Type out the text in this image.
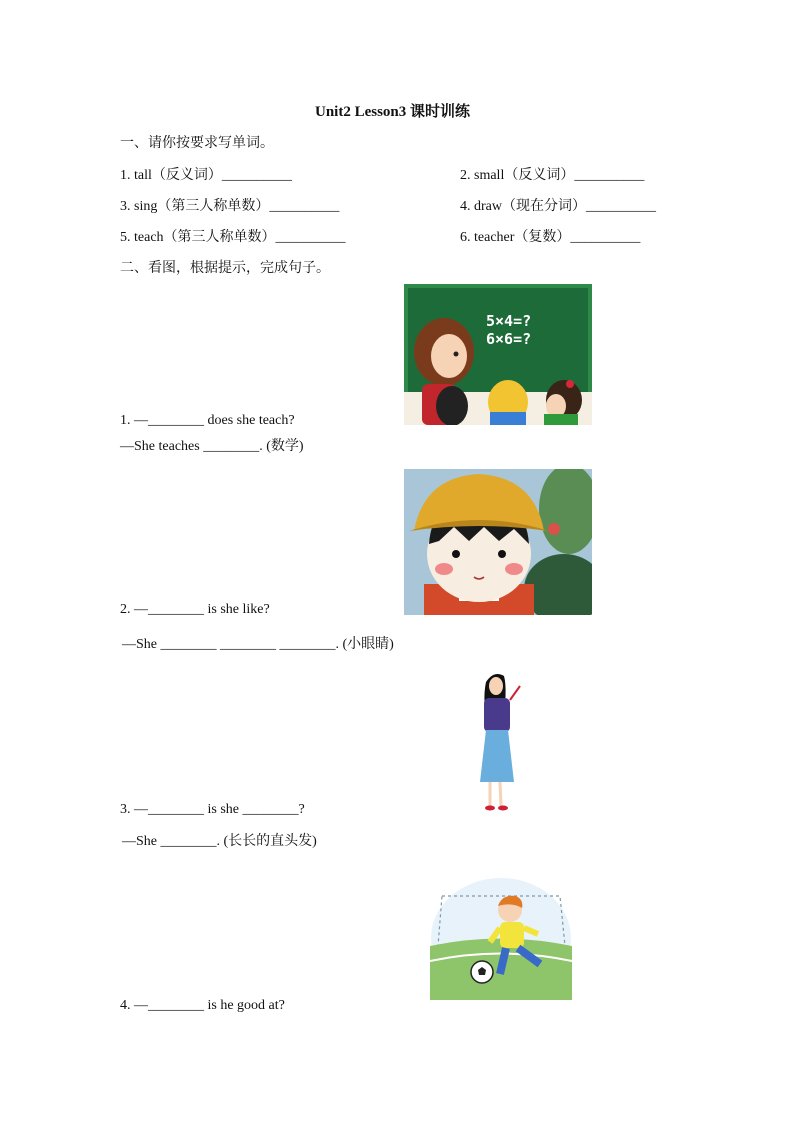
Unit2 Lesson3 课时训练
一、请你按要求写单词。
1. tall（反义词）__________	2. small（反义词）__________
3. sing（第三人称单数）__________	4. draw（现在分词）__________
5. teach（第三人称单数）__________	6. teacher（复数）__________
二、看图，根据提示，完成句子。
5×4=?
6×6=?
1. —________ does she teach?
—She teaches ________. (数学)
2. —________ is she like?
—She ________ ________ ________. (小眼睛)
3. —________ is she ________?
—She ________. (长长的直头发)
4. —________ is he good at?
